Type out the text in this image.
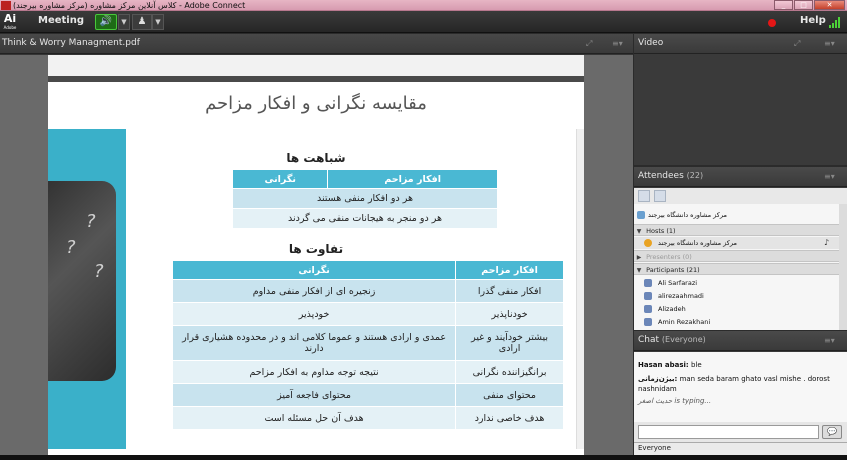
کلاس آنلاین مرکز مشاوره (مرکز مشاوره بیرجند) - Adobe Connect	_	□	✕
Ai
Adobe
Meeting	🔊	▼	♟	▼	Help
Think & Worry Managment.pdf	⤢ ≡▾
مقایسه نگرانی و افکار مزاحم
?
?
?
شباهت ها
افکار مزاحم	نگرانی
هر دو افکار منفی هستند
هر دو منجر به هیجانات منفی می گردند
تفاوت ها
افکار مزاحم	نگرانی
افکار منفی گذرا	زنجیره ای از افکار منفی مداوم
خودناپذیر	خودپذیر
بیشتر خودآیند و غیر ارادی	عمدی و ارادی هستند و عموما کلامی اند و در محدوده هشیاری قرار دارند
برانگیزاننده نگرانی	نتیجه توجه مداوم به افکار مزاحم
محتوای منفی	محتوای فاجعه آمیز
هدف خاصی ندارد	هدف آن حل مسئله است
Video	⤢	≡▾
Attendees (22)	≡▾
مرکز مشاوره دانشگاه بیرجند
▼ Hosts (1)
مرکز مشاوره دانشگاه بیرجند	♪
▶ Presenters (0)
▼ Participants (21)
Ali Sarfarazi
alirezaahmadi
Alizadeh
Amin Rezakhani
Chat (Everyone)	≡▾
Hasan abasi: ble
بیژن‌زمانی: man seda baram ghato vasl mishe . dorost nashnidam
حدیث اصغر is typing...
💬
Everyone
